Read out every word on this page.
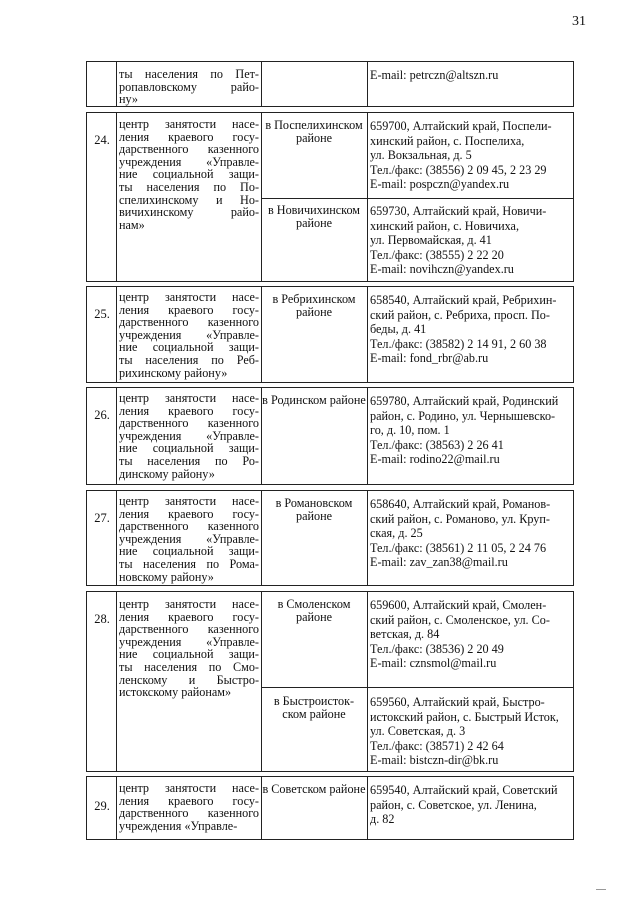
31
ты населения по Пет-
ропавловскому райо-

ну»
E-mail: petrczn@altszn.ru
24.
центр занятости насе-
ления краевого госу-
дарственного казенного
учреждения «Управле-
ние социальной защи-
ты населения по По-
спелихинскому и Но-
вичихинскому райо-

нам»
в Поспелихинском районе
659700, Алтайский край, Поспели-
хинский район, с. Поспелиха,
ул. Вокзальная, д. 5
Тел./факс: (38556) 2 09 45, 2 23 29
E-mail: pospczn@yandex.ru
в Новичихинском районе
659730, Алтайский край, Новичи-
хинский район, с. Новичиха,
ул. Первомайская, д. 41
Тел./факс: (38555) 2 22 20
E-mail: novihczn@yandex.ru
25.
центр занятости насе-
ления краевого госу-
дарственного казенного
учреждения «Управле-
ние социальной защи-
ты населения по Реб-

рихинскому району»
в Ребрихинском районе
658540, Алтайский край, Ребрихин-
ский район, с. Ребриха, просп. По-
беды, д. 41
Тел./факс: (38582) 2 14 91, 2 60 38
E-mail: fond_rbr@ab.ru
26.
центр занятости насе-
ления краевого госу-
дарственного казенного
учреждения «Управле-
ние социальной защи-
ты населения по Ро-

динскому району»
в Родинском районе 659780, Алтайский край, Родинский
район, с. Родино, ул. Чернышевско-
го, д. 10, пом. 1
Тел./факс: (38563) 2 26 41
E-mail: rodino22@mail.ru
27.
центр занятости насе-
ления краевого госу-
дарственного казенного
учреждения «Управле-
ние социальной защи-
ты населения по Рома-

новскому району»
в Романовском районе
658640, Алтайский край, Романов-
ский район, с. Романово, ул. Круп-
ская, д. 25
Тел./факс: (38561) 2 11 05, 2 24 76
E-mail: zav_zan38@mail.ru
28.
центр занятости насе-
ления краевого госу-
дарственного казенного
учреждения «Управле-
ние социальной защи-
ты населения по Смо-
ленскому и Быстро-

истокскому районам»
в Смоленском районе
659600, Алтайский край, Смолен-
ский район, с. Смоленское, ул. Со-
ветская, д. 84
Тел./факс: (38536) 2 20 49
E-mail: cznsmol@mail.ru
в Быстроисток-ском районе
659560, Алтайский край, Быстро-
истокский район, с. Быстрый Исток,
ул. Советская, д. 3
Тел./факс: (38571) 2 42 64
E-mail: bistczn-dir@bk.ru
29.
центр занятости насе-
ления краевого госу-
дарственного казенного

учреждения «Управле-
в Советском районе 659540, Алтайский край, Советский
район, с. Советское, ул. Ленина,
д. 82
